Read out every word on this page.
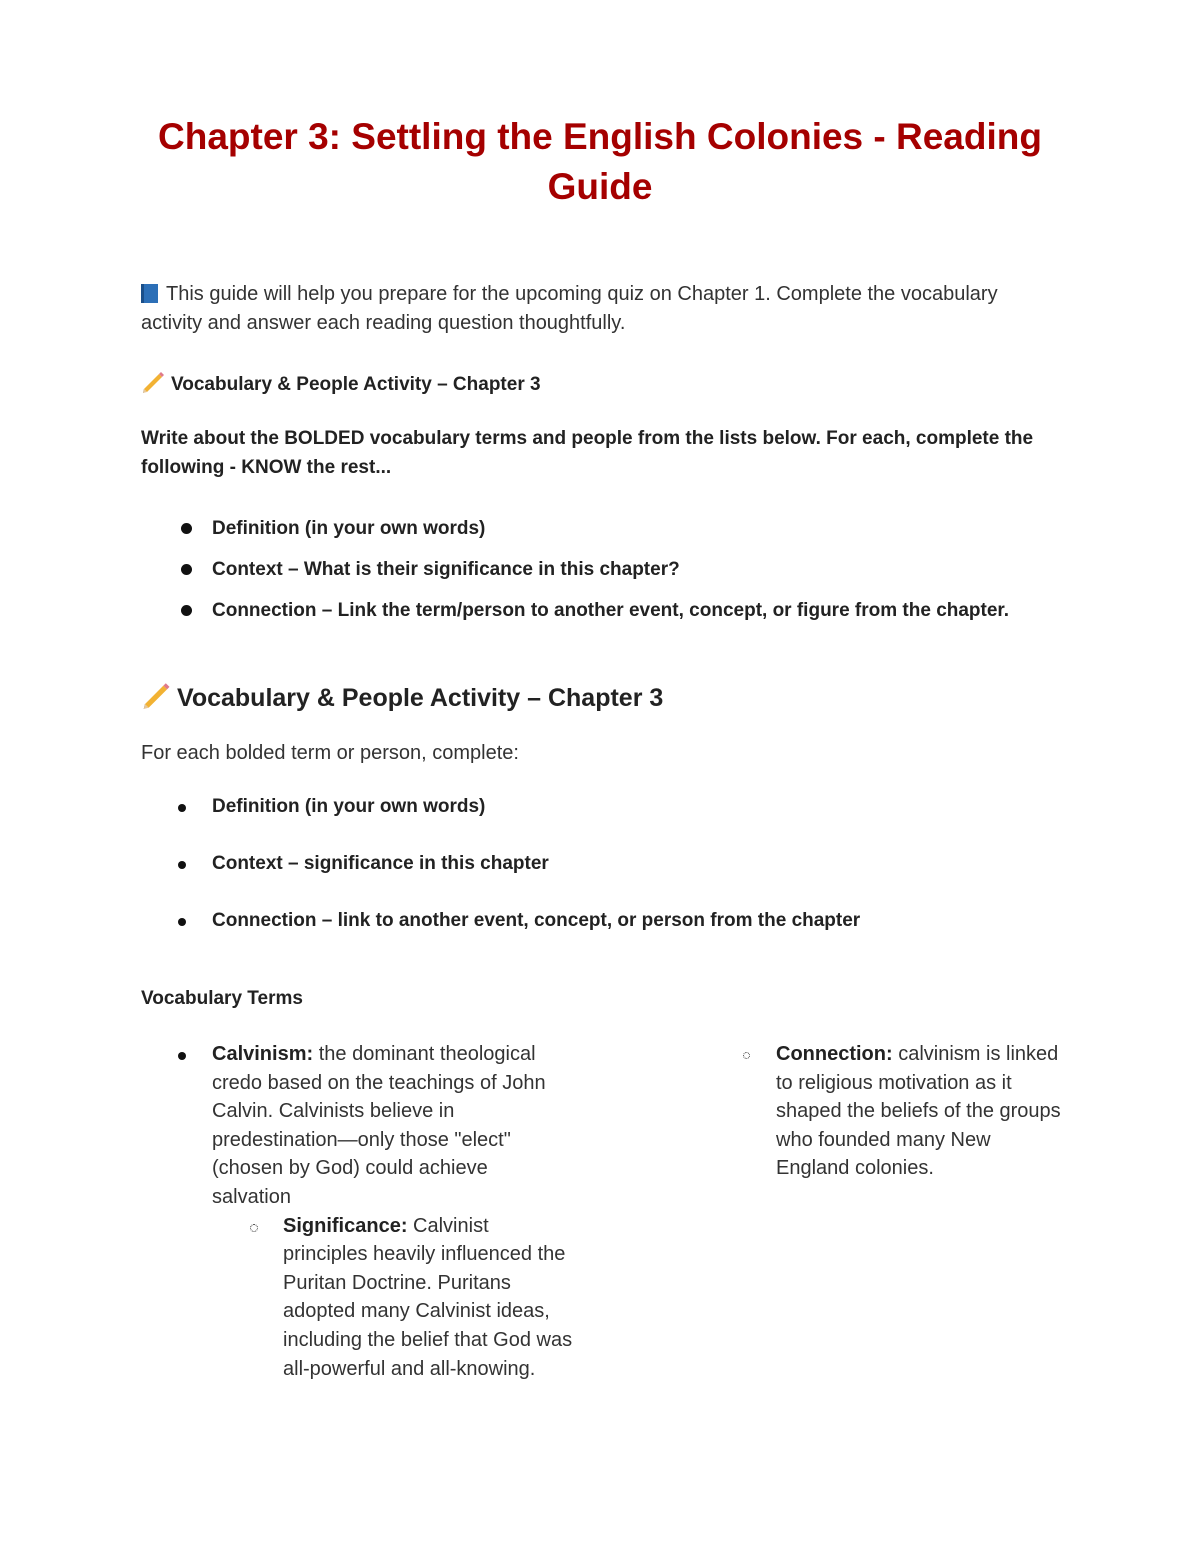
Chapter 3: Settling the English Colonies - Reading Guide

This guide will help you prepare for the upcoming quiz on Chapter 1. Complete the vocabulary activity and answer each reading question thoughtfully.

Vocabulary & People Activity – Chapter 3

Write about the BOLDED vocabulary terms and people from the lists below. For each, complete the following - KNOW the rest...

Definition (in your own words)
Context – What is their significance in this chapter?
Connection – Link the term/person to another event, concept, or figure from the chapter.
Vocabulary & People Activity – Chapter 3

For each bolded term or person, complete:

Definition (in your own words)
Context – significance in this chapter
Connection – link to another event, concept, or person from the chapter

Vocabulary Terms

Calvinism: the dominant theological credo based on the teachings of John Calvin. Calvinists believe in predestination—only those "elect" (chosen by God) could achieve salvation
Significance: Calvinist principles heavily influenced the Puritan Doctrine. Puritans adopted many Calvinist ideas, including the belief that God was all-powerful and all-knowing.
Connection: calvinism is linked to religious motivation as it shaped the beliefs of the groups who founded many New England colonies.
